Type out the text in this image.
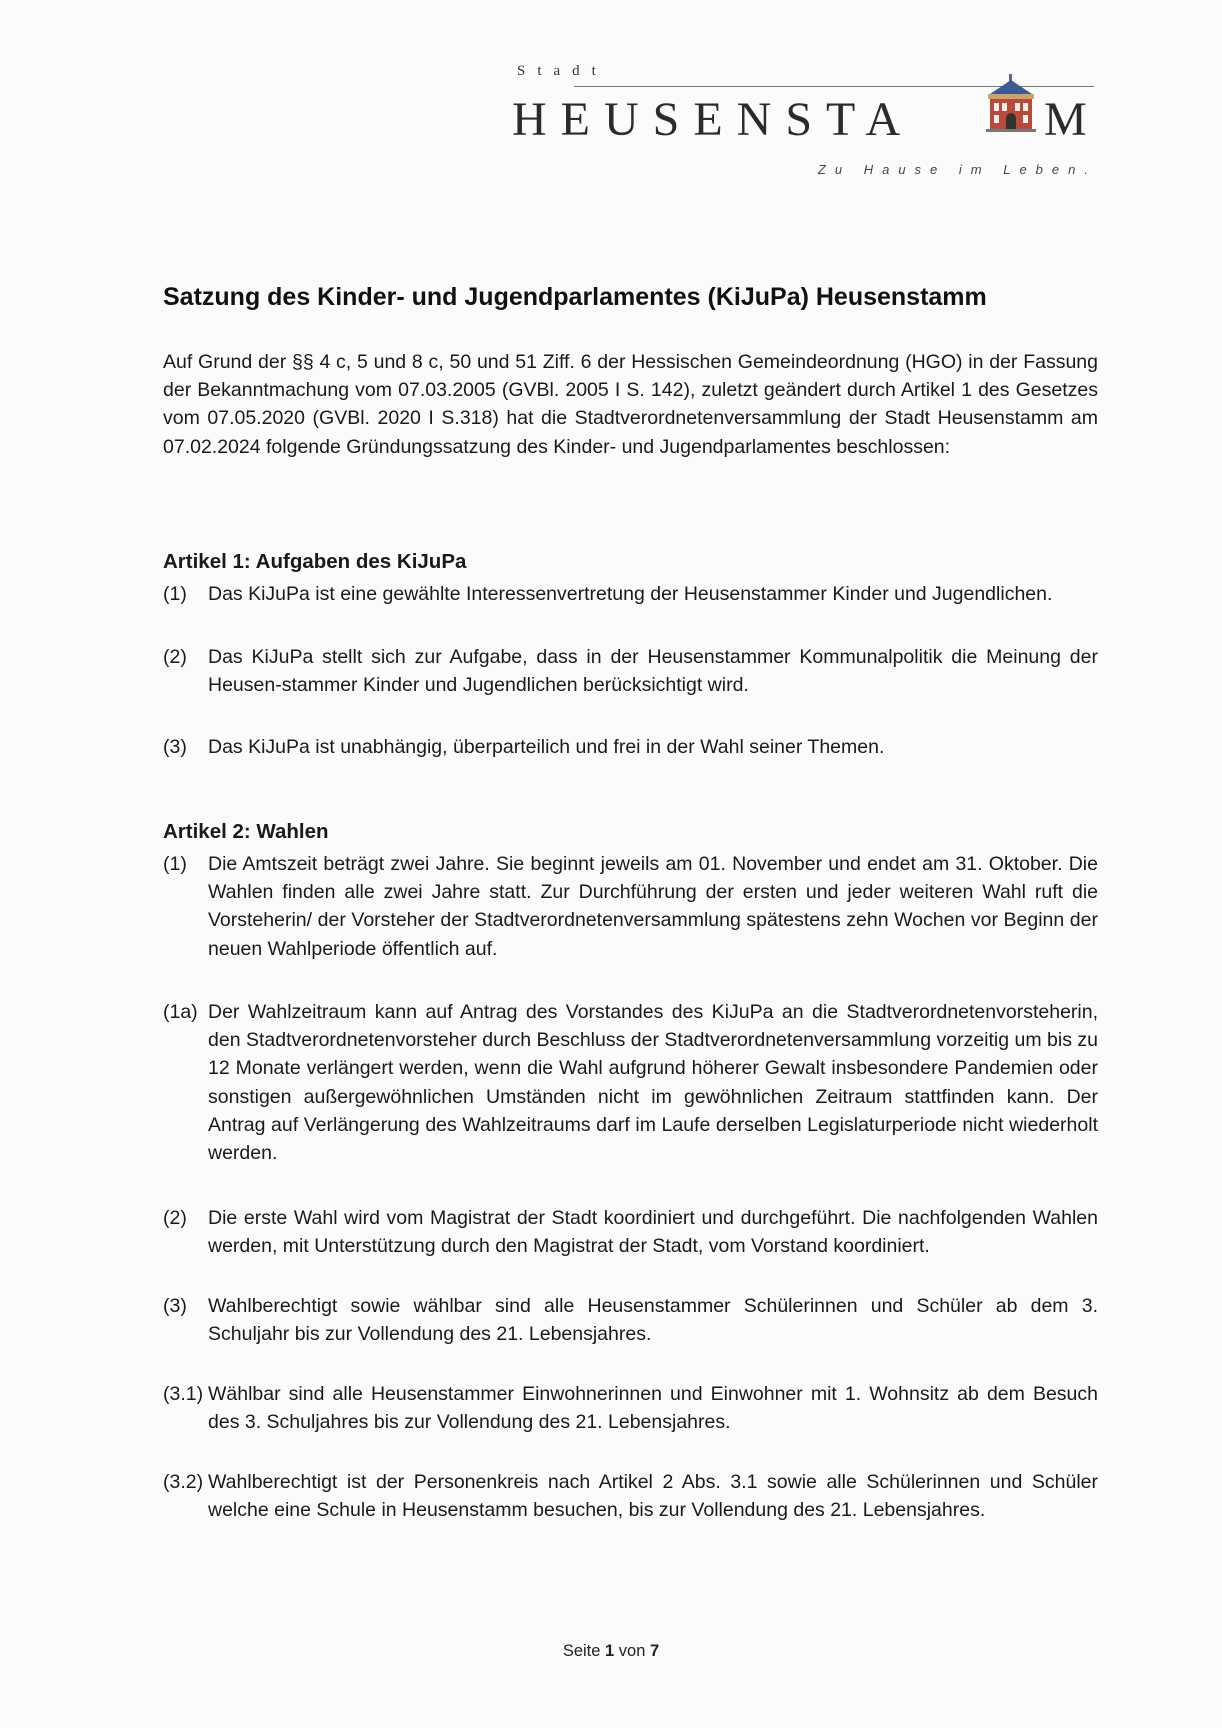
Stadt
HEUSENSTA	M
Zu Hause im Leben.
Satzung des Kinder- und Jugendparlamentes (KiJuPa) Heusenstamm

Auf Grund der §§ 4 c, 5 und 8 c, 50 und 51 Ziff. 6 der Hessischen Gemeindeordnung (HGO) in der Fassung der Bekanntmachung vom 07.03.2005 (GVBl. 2005 I S. 142), zuletzt geändert durch Artikel 1 des Gesetzes vom 07.05.2020 (GVBl. 2020 I S.318) hat die Stadtverordnetenversammlung der Stadt Heusenstamm am 07.02.2024 folgende Gründungssatzung des Kinder- und Jugendparlamentes beschlossen:

Artikel 1: Aufgaben des KiJuPa
(1)	Das KiJuPa ist eine gewählte Interessenvertretung der Heusenstammer Kinder und Jugendlichen.

(2)	Das KiJuPa stellt sich zur Aufgabe, dass in der Heusenstammer Kommunalpolitik die Meinung der Heusen-stammer Kinder und Jugendlichen berücksichtigt wird.

(3)	Das KiJuPa ist unabhängig, überparteilich und frei in der Wahl seiner Themen.

Artikel 2: Wahlen
(1)	Die Amtszeit beträgt zwei Jahre. Sie beginnt jeweils am 01. November und endet am 31. Oktober. Die Wahlen finden alle zwei Jahre statt. Zur Durchführung der ersten und jeder weiteren Wahl ruft die Vorsteherin/ der Vorsteher der Stadtverordnetenversammlung spätestens zehn Wochen vor Beginn der neuen Wahlperiode öffentlich auf.

(1a) Der Wahlzeitraum kann auf Antrag des Vorstandes des KiJuPa an die Stadtverordnetenvorsteherin, den Stadtverordnetenvorsteher durch Beschluss der Stadtverordnetenversammlung vorzeitig um bis zu 12 Monate verlängert werden, wenn die Wahl aufgrund höherer Gewalt insbesondere Pandemien oder sonstigen außergewöhnlichen Umständen nicht im gewöhnlichen Zeitraum stattfinden kann. Der Antrag auf Verlängerung des Wahlzeitraums darf im Laufe derselben Legislaturperiode nicht wiederholt werden.

(2)	Die erste Wahl wird vom Magistrat der Stadt koordiniert und durchgeführt. Die nachfolgenden Wahlen werden, mit Unterstützung durch den Magistrat der Stadt, vom Vorstand koordiniert.

(3)	Wahlberechtigt sowie wählbar sind alle Heusenstammer Schülerinnen und Schüler ab dem 3. Schuljahr bis zur Vollendung des 21. Lebensjahres.

(3.1) Wählbar sind alle Heusenstammer Einwohnerinnen und Einwohner mit 1. Wohnsitz ab dem Besuch des 3. Schuljahres bis zur Vollendung des 21. Lebensjahres.

(3.2) Wahlberechtigt ist der Personenkreis nach Artikel 2 Abs. 3.1 sowie alle Schülerinnen und Schüler welche eine Schule in Heusenstamm besuchen, bis zur Vollendung des 21. Lebensjahres.

Seite 1 von 7
